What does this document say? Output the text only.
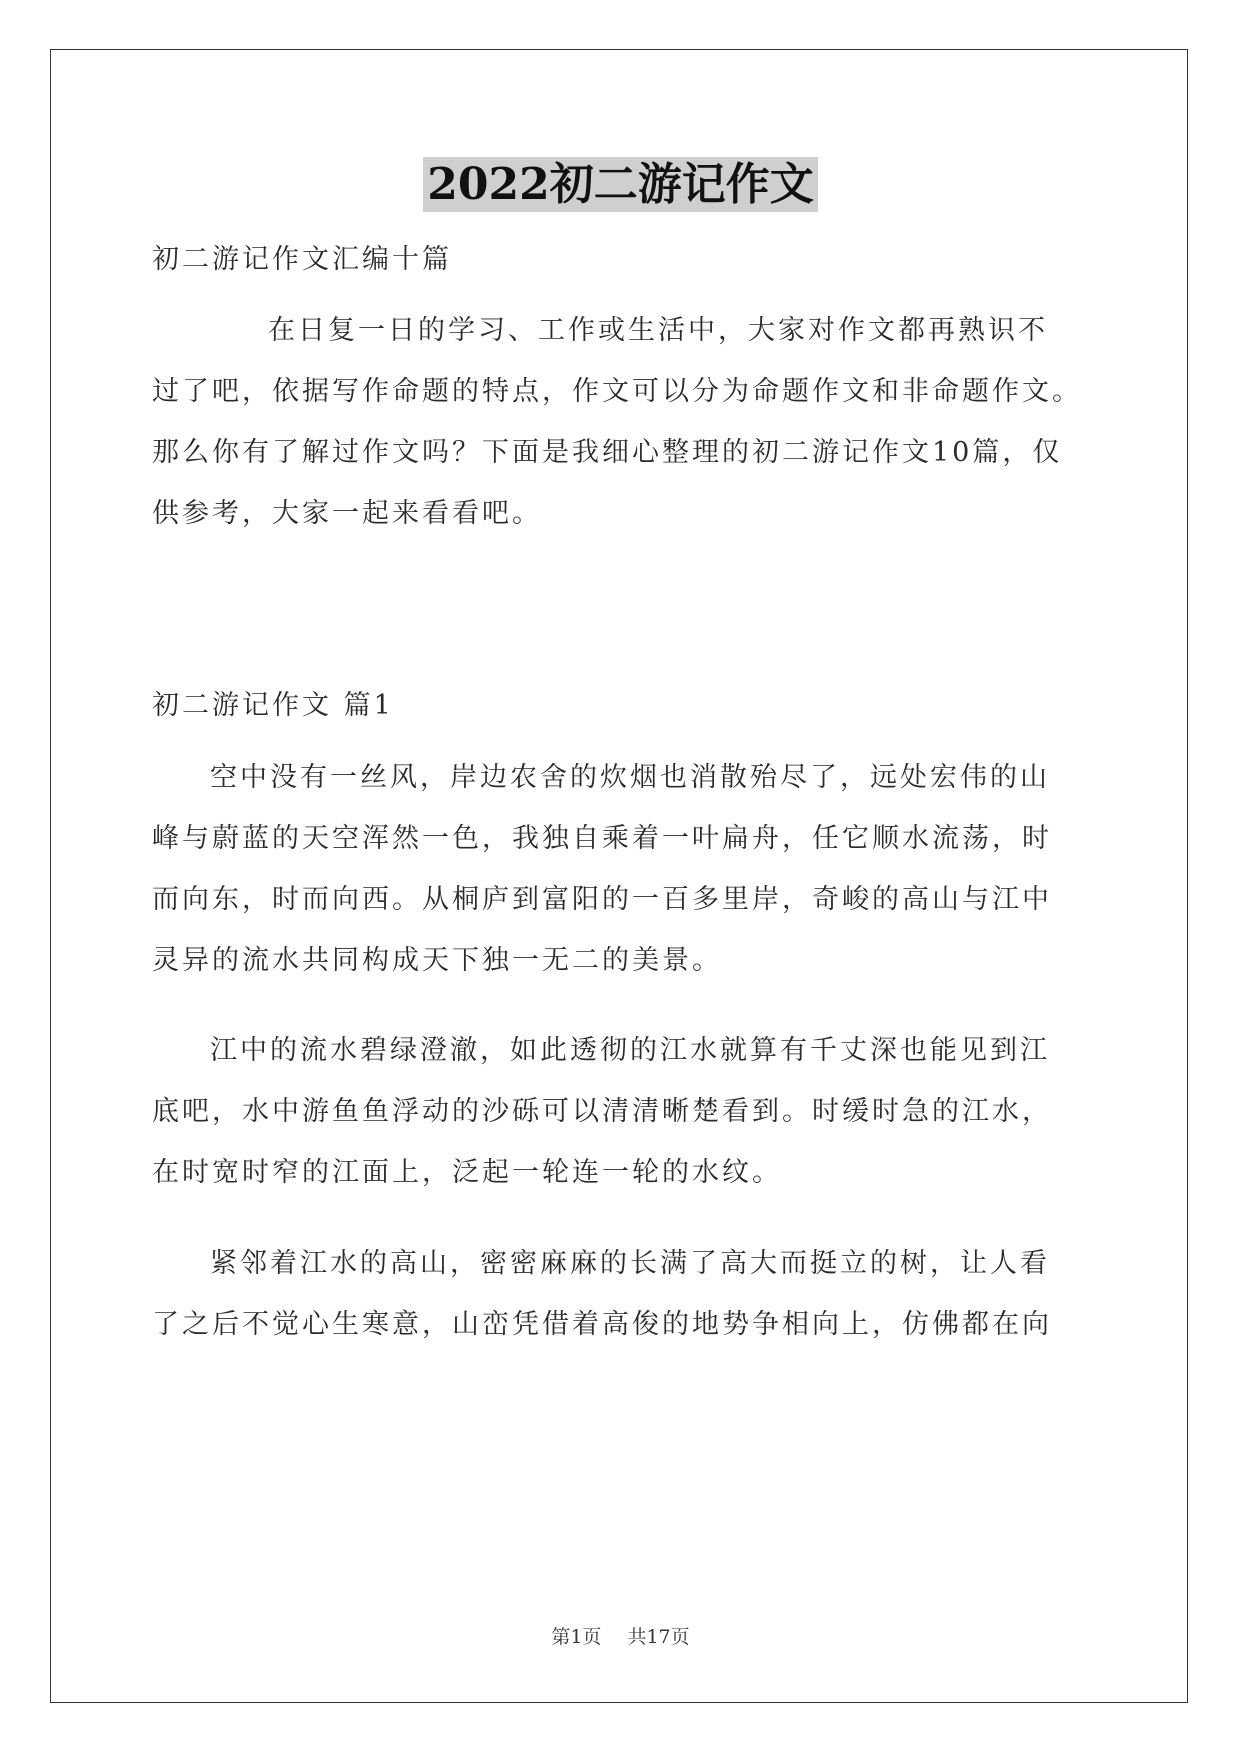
2022初二游记作文
初二游记作文汇编十篇
在日复一日的学习、工作或生活中，大家对作文都再熟识不
过了吧，依据写作命题的特点，作文可以分为命题作文和非命题作文。
那么你有了解过作文吗？下面是我细心整理的初二游记作文10篇，仅
供参考，大家一起来看看吧。
初二游记作文 篇1
空中没有一丝风，岸边农舍的炊烟也消散殆尽了，远处宏伟的山
峰与蔚蓝的天空浑然一色，我独自乘着一叶扁舟，任它顺水流荡，时
而向东，时而向西。从桐庐到富阳的一百多里岸，奇峻的高山与江中
灵异的流水共同构成天下独一无二的美景。
江中的流水碧绿澄澈，如此透彻的江水就算有千丈深也能见到江
底吧，水中游鱼鱼浮动的沙砾可以清清晰楚看到。时缓时急的江水，
在时宽时窄的江面上，泛起一轮连一轮的水纹。
紧邻着江水的高山，密密麻麻的长满了高大而挺立的树，让人看
了之后不觉心生寒意，山峦凭借着高俊的地势争相向上，仿佛都在向
第1页 共17页
